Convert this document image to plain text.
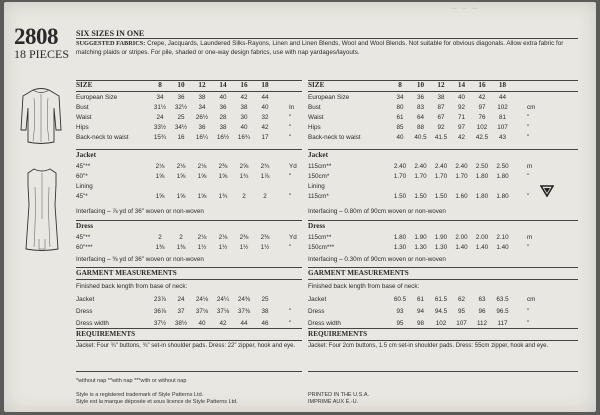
~ ~ ~
2808
18 PIECES
SIX SIZES IN ONE
SUGGESTED FABRICS: Crepe, Jacquards, Laundered Silks-Rayons, Linen and Linen Blends, Wool and Wool Blends. Not suitable for obvious diagonals. Allow extra fabric for matching plaids or stripes. For pile, shaded or one-way design fabrics, use with nap yardages/layouts.
SIZE	8	10	12	14	16	18
European Size	34	36	38	40	42	44
Bust	31½	32½	34	36	38	40	In
Waist	24	25	26½	28	30	32	"
Hips	33½	34½	36	38	40	42	"
Back-neck to waist	15¾	16	16¼	16½	16¾	17	"
Jacket
45"**	2⅛	2⅛	2⅛	2⅜	2⅝	2¾	Yd
60"*	1⅝	1⅝	1⅝	1⅝	1¾	1⅞	"
Lining
45"*	1⅝	1⅝	1⅝	1¾	2	2	"
Interfacing – ⅞ yd of 36" woven or non-woven
Dress
45"**	2	2	2⅛	2⅛	2⅜	2⅜	Yd
60"***	1⅜	1⅜	1½	1½	1½	1½	"
Interfacing – ⅜ yd of 36" woven or non-woven
GARMENT MEASUREMENTS
Finished back length from base of neck:
Jacket	23⅞	24	24⅛	24¼	24⅜	25
Dress	36⅞	37	37⅛	37⅛	37⅜	38	"
Dress width	37½	38½	40	42	44	46	"
REQUIREMENTS
Jacket: Four ¾" buttons, ¾" set-in shoulder pads. Dress: 22" zipper, hook and eye.
SIZE	8	10	12	14	16	18
European Size	34	36	38	40	42	44
Bust	80	83	87	92	97	102	cm
Waist	61	64	67	71	76	81	"
Hips	85	88	92	97	102	107	"
Back-neck to waist	40	40.5	41.5	42	42.5	43	"
Jacket
115cm**	2.40	2.40	2.40	2.40	2.50	2.50	m
150cm*	1.70	1.70	1.70	1.70	1.80	1.80	"
Lining
115cm*	1.50	1.50	1.50	1.60	1.80	1.80	"
Interfacing – 0.80m of 90cm woven or non-woven
Dress
115cm**	1.80	1.90	1.90	2.00	2.00	2.10	m
150cm***	1.30	1.30	1.30	1.40	1.40	1.40	"
Interfacing – 0.30m of 90cm woven or non-woven
GARMENT MEASUREMENTS
Finished back length from base of neck:
Jacket	60.5	61	61.5	62	63	63.5	cm
Dress	93	94	94.5	95	96	96.5	"
Dress width	95	98	102	107	112	117	"
REQUIREMENTS
Jacket: Four 2cm buttons, 1.5 cm set-in shoulder pads. Dress: 55cm zipper, hook and eye.
*without nap **with nap ***with or without nap
Style is a registered trademark of Style Patterns Ltd.
Style est la marque déposée et sous licence de Style Patterns Ltd.
PRINTED IN THE U.S.A.
IMPRIMÉ AUX É.-U.
